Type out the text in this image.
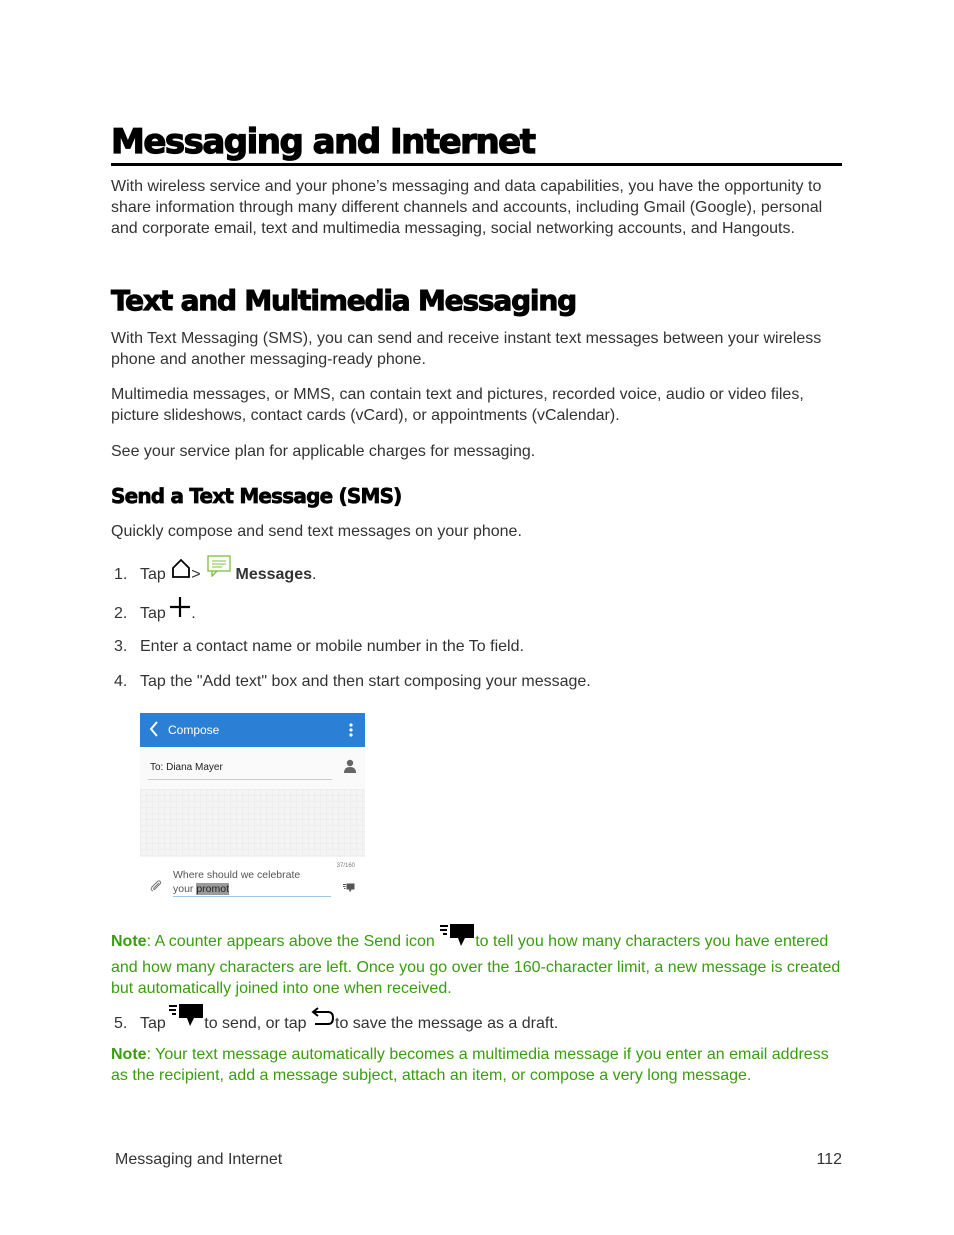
Messaging and Internet
With wireless service and your phone’s messaging and data capabilities, you have the opportunity to share information through many different channels and accounts, including Gmail (Google), personal and corporate email, text and multimedia messaging, social networking accounts, and Hangouts.
Text and Multimedia Messaging
With Text Messaging (SMS), you can send and receive instant text messages between your wireless phone and another messaging-ready phone.
Multimedia messages, or MMS, can contain text and pictures, recorded voice, audio or video files, picture slideshows, contact cards (vCard), or appointments (vCalendar).
See your service plan for applicable charges for messaging.
Send a Text Message (SMS)
Quickly compose and send text messages on your phone.
1. Tap > Messages.
2. Tap .
3. Enter a contact name or mobile number in the To field.
4. Tap the "Add text" box and then start composing your message.
Compose
To: Diana Mayer
Where should we celebrate
your promot
37/160
Note: A counter appears above the Send icon	to tell you how many characters you have entered and how many characters are left. Once you go over the 160-character limit, a new message is created but automatically joined into one when received.
5. Tap to send, or tap to save the message as a draft.
Note: Your text message automatically becomes a multimedia message if you enter an email address as the recipient, add a message subject, attach an item, or compose a very long message.
Messaging and Internet	112
